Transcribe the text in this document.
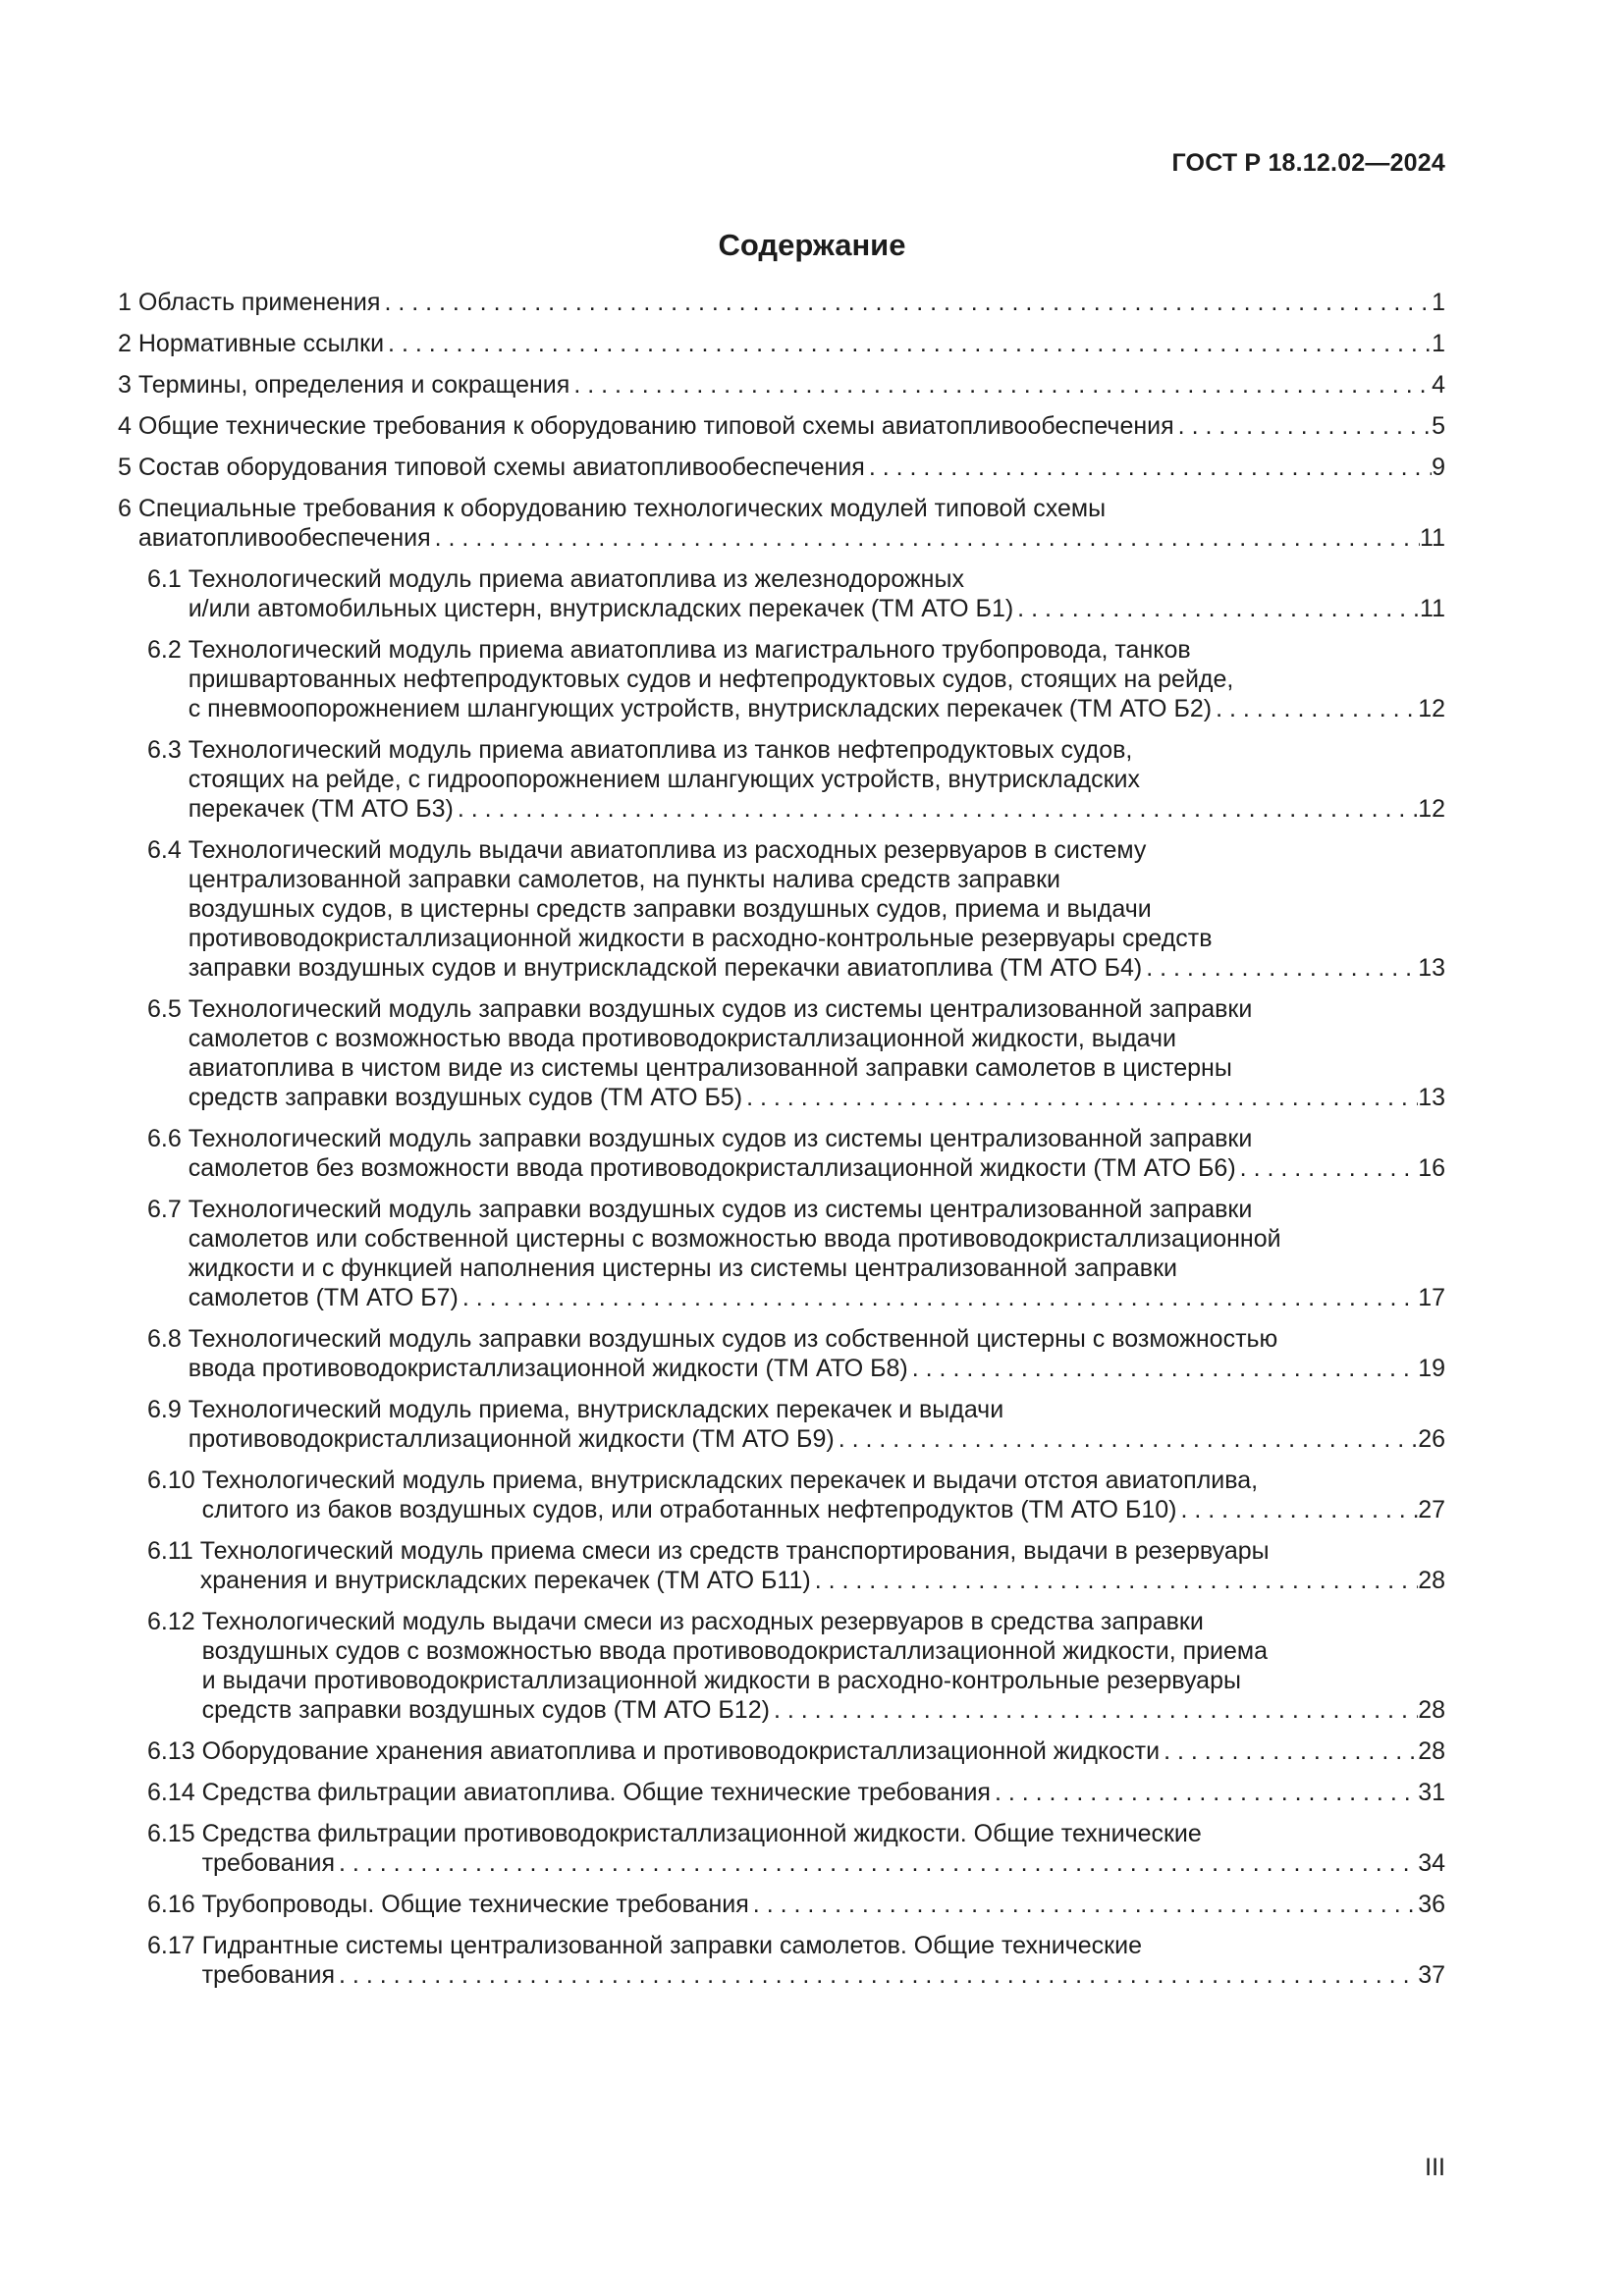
ГОСТ Р 18.12.02—2024
Содержание
1 Область применения . . .	1
2 Нормативные ссылки . . .	1
3 Термины, определения и сокращения . . .	4
4 Общие технические требования к оборудованию типовой схемы авиатопливообеспечения . . .	5
5 Состав оборудования типовой схемы авиатопливообеспечения . . .	9
6 Специальные требования к оборудованию технологических модулей типовой схемы
авиатопливообеспечения . . .	11
6.1 Технологический модуль приема авиатоплива из железнодорожных
и/или автомобильных цистерн, внутрискладских перекачек (ТМ АТО Б1) . . .	11
6.2 Технологический модуль приема авиатоплива из магистрального трубопровода, танков
пришвартованных нефтепродуктовых судов и нефтепродуктовых судов, стоящих на рейде,
с пневмоопорожнением шлангующих устройств, внутрискладских перекачек (ТМ АТО Б2) . . .	12
6.3 Технологический модуль приема авиатоплива из танков нефтепродуктовых судов,
стоящих на рейде, с гидроопорожнением шлангующих устройств, внутрискладских
перекачек (ТМ АТО Б3) . . .	12
6.4 Технологический модуль выдачи авиатоплива из расходных резервуаров в систему
централизованной заправки самолетов, на пункты налива средств заправки
воздушных судов, в цистерны средств заправки воздушных судов, приема и выдачи
противоводокристаллизационной жидкости в расходно-контрольные резервуары средств
заправки воздушных судов и внутрискладской перекачки авиатоплива (ТМ АТО Б4) . . .	13
6.5 Технологический модуль заправки воздушных судов из системы централизованной заправки
самолетов с возможностью ввода противоводокристаллизационной жидкости, выдачи
авиатоплива в чистом виде из системы централизованной заправки самолетов в цистерны
средств заправки воздушных судов (ТМ АТО Б5) . . .	13
6.6 Технологический модуль заправки воздушных судов из системы централизованной заправки
самолетов без возможности ввода противоводокристаллизационной жидкости (ТМ АТО Б6) . . .	16
6.7 Технологический модуль заправки воздушных судов из системы централизованной заправки
самолетов или собственной цистерны с возможностью ввода противоводокристаллизационной
жидкости и с функцией наполнения цистерны из системы централизованной заправки
самолетов (ТМ АТО Б7) . . .	17
6.8 Технологический модуль заправки воздушных судов из собственной цистерны с возможностью
ввода противоводокристаллизационной жидкости (ТМ АТО Б8) . . .	19
6.9 Технологический модуль приема, внутрискладских перекачек и выдачи
противоводокристаллизационной жидкости (ТМ АТО Б9) . . .	26
6.10 Технологический модуль приема, внутрискладских перекачек и выдачи отстоя авиатоплива,
слитого из баков воздушных судов, или отработанных нефтепродуктов (ТМ АТО Б10) . . .	27
6.11 Технологический модуль приема смеси из средств транспортирования, выдачи в резервуары
хранения и внутрискладских перекачек (ТМ АТО Б11) . . .	28
6.12 Технологический модуль выдачи смеси из расходных резервуаров в средства заправки
воздушных судов с возможностью ввода противоводокристаллизационной жидкости, приема
и выдачи противоводокристаллизационной жидкости в расходно-контрольные резервуары
средств заправки воздушных судов (ТМ АТО Б12) . . .	28
6.13 Оборудование хранения авиатоплива и противоводокристаллизационной жидкости . . .	28
6.14 Средства фильтрации авиатоплива. Общие технические требования . . .	31
6.15 Средства фильтрации противоводокристаллизационной жидкости. Общие технические
требования . . .	34
6.16 Трубопроводы. Общие технические требования . . .	36
6.17 Гидрантные системы централизованной заправки самолетов. Общие технические
требования . . .	37
III
